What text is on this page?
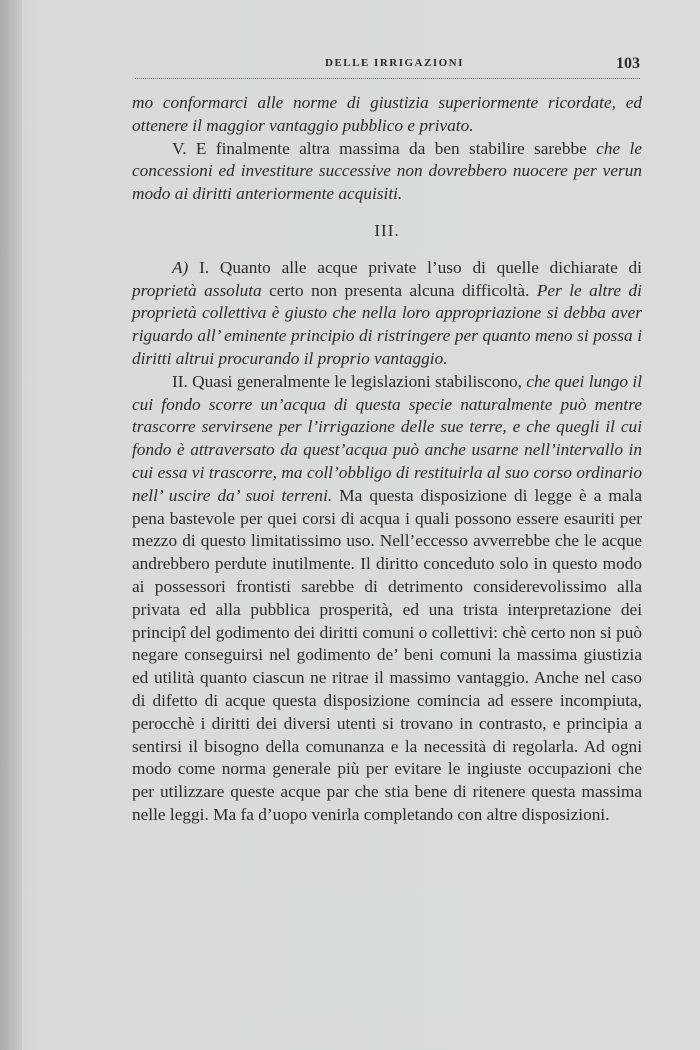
DELLE IRRIGAZIONI	103

mo conformarci alle norme di giustizia superiormente ricordate, ed ottenere il maggior vantaggio pubblico e privato.

V. E finalmente altra massima da ben stabilire sarebbe che le concessioni ed investiture successive non dovrebbero nuocere per verun modo ai diritti anteriormente acquisiti.

III.

A) I. Quanto alle acque private l’uso di quelle dichiarate di proprietà assoluta certo non presenta alcuna difficoltà. Per le altre di proprietà collettiva è giusto che nella loro appropriazione si debba aver riguardo all’ eminente principio di ristringere per quanto meno si possa i diritti altrui procurando il proprio vantaggio.

II. Quasi generalmente le legislazioni stabiliscono, che quei lungo il cui fondo scorre un’acqua di questa specie naturalmente può mentre trascorre servirsene per l’irrigazione delle sue terre, e che quegli il cui fondo è attraversato da quest’acqua può anche usarne nell’intervallo in cui essa vi trascorre, ma coll’obbligo di restituirla al suo corso ordinario nell’ uscire da’ suoi terreni. Ma questa disposizione di legge è a mala pena bastevole per quei corsi di acqua i quali possono essere esauriti per mezzo di questo limitatissimo uso. Nell’eccesso avverrebbe che le acque andrebbero perdute inutilmente. Il diritto conceduto solo in questo modo ai possessori frontisti sarebbe di detrimento considerevolissimo alla privata ed alla pubblica prosperità, ed una trista interpretazione dei principî del godimento dei diritti comuni o collettivi: chè certo non si può negare conseguirsi nel godimento de’ beni comuni la massima giustizia ed utilità quanto ciascun ne ritrae il massimo vantaggio. Anche nel caso di difetto di acque questa disposizione comincia ad essere incompiuta, perocchè i diritti dei diversi utenti si trovano in contrasto, e principia a sentirsi il bisogno della comunanza e la necessità di regolarla. Ad ogni modo come norma generale più per evitare le ingiuste occupazioni che per utilizzare queste acque par che stia bene di ritenere questa massima nelle leggi. Ma fa d’uopo venirla completando con altre disposizioni.
